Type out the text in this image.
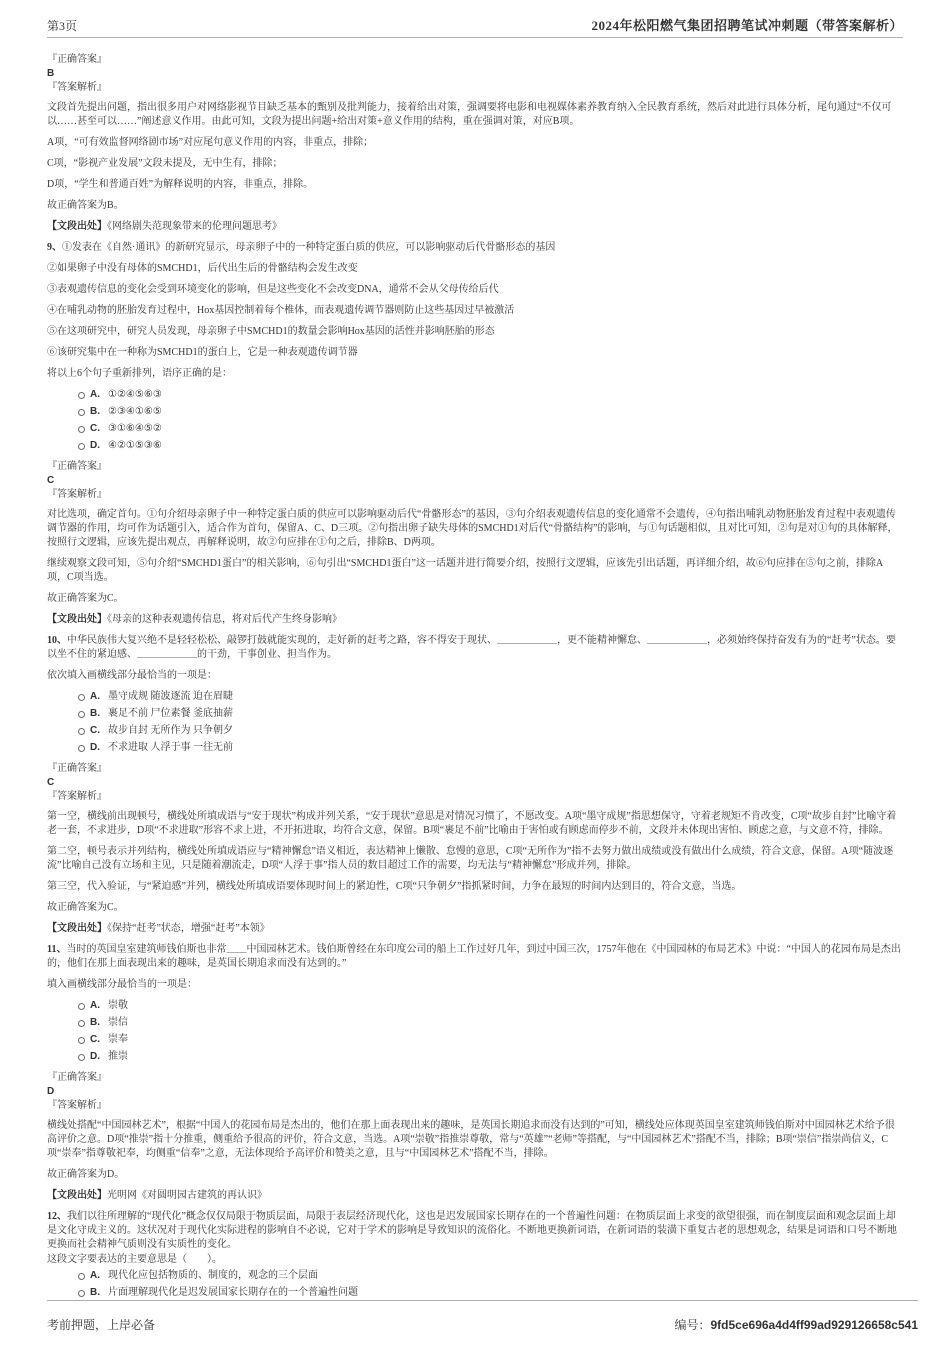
第3页	2024年松阳燃气集团招聘笔试冲刺题（带答案解析）
『正确答案』
B
『答案解析』
文段首先提出问题，指出很多用户对网络影视节目缺乏基本的甄别及批判能力，接着给出对策，强调要将电影和电视媒体素养教育纳入全民教育系统，然后对此进行具体分析，尾句通过“不仅可以……甚至可以……”阐述意义作用。由此可知，文段为提出问题+给出对策+意义作用的结构，重在强调对策，对应B项。
A项，“可有效监督网络剧市场”对应尾句意义作用的内容，非重点，排除；
C项，“影视产业发展”文段未提及，无中生有，排除；
D项，“学生和普通百姓”为解释说明的内容，非重点，排除。
故正确答案为B。
【文段出处】《网络剧失范现象带来的伦理问题思考》
9、①发表在《自然·通讯》的新研究显示，母亲卵子中的一种特定蛋白质的供应，可以影响驱动后代骨骼形态的基因
②如果卵子中没有母体的SMCHD1，后代出生后的骨骼结构会发生改变
③表观遗传信息的变化会受到环境变化的影响，但是这些变化不会改变DNA，通常不会从父母传给后代
④在哺乳动物的胚胎发育过程中，Hox基因控制着每个椎体，而表观遗传调节器则防止这些基因过早被激活
⑤在这项研究中，研究人员发现，母亲卵子中SMCHD1的数量会影响Hox基因的活性并影响胚胎的形态
⑥该研究集中在一种称为SMCHD1的蛋白上，它是一种表观遗传调节器
将以上6个句子重新排列，语序正确的是：
A. ①②④⑤⑥③
B. ②③④①⑥⑤
C. ③①⑥④⑤②
D. ④②①⑤③⑥
『正确答案』
C
『答案解析』
对比选项，确定首句。①句介绍母亲卵子中一种特定蛋白质的供应可以影响驱动后代“骨骼形态”的基因，③句介绍表观遗传信息的变化通常不会遗传，④句指出哺乳动物胚胎发育过程中表观遗传调节器的作用，均可作为话题引入，适合作为首句，保留A、C、D三项。②句指出卵子缺失母体的SMCHD1对后代“骨骼结构”的影响，与①句话题相似，且对比可知，②句是对①句的具体解释，按照行文逻辑，应该先提出观点，再解释说明，故②句应排在①句之后，排除B、D两项。
继续观察文段可知，⑤句介绍“SMCHD1蛋白”的相关影响，⑥句引出“SMCHD1蛋白”这一话题并进行简要介绍，按照行文逻辑，应该先引出话题，再详细介绍，故⑥句应排在⑤句之前，排除A项，C项当选。
故正确答案为C。
【文段出处】《母亲的这种表观遗传信息，将对后代产生终身影响》
10、中华民族伟大复兴绝不是轻轻松松、敲锣打鼓就能实现的，走好新的赶考之路，容不得安于现状、＿＿＿＿＿＿，更不能精神懈怠、＿＿＿＿＿＿，必须始终保持奋发有为的“赶考”状态。要以坐不住的紧迫感、＿＿＿＿＿＿的干劲，干事创业、担当作为。
依次填入画横线部分最恰当的一项是：
A. 墨守成规 随波逐流 迫在眉睫
B. 裹足不前 尸位素餐 釜底抽薪
C. 故步自封 无所作为 只争朝夕
D. 不求进取 人浮于事 一往无前
『正确答案』
C
『答案解析』
第一空，横线前出现顿号，横线处所填成语与“安于现状”构成并列关系，“安于现状”意思是对情况习惯了，不愿改变。A项“墨守成规”指思想保守，守着老规矩不肯改变，C项“故步自封”比喻守着老一套，不求进步，D项“不求进取”形容不求上进，不开拓进取，均符合文意，保留。B项“裹足不前”比喻由于害怕或有顾虑而停步不前，文段并未体现出害怕、顾虑之意，与文意不符，排除。
第二空，顿号表示并列结构，横线处所填成语应与“精神懈怠”语义相近，表达精神上懒散、怠慢的意思，C项“无所作为”指不去努力做出成绩或没有做出什么成绩，符合文意，保留。A项“随波逐流”比喻自己没有立场和主见，只是随着潮流走，D项“人浮于事”指人员的数目超过工作的需要，均无法与“精神懈怠”形成并列，排除。
第三空，代入验证，与“紧迫感”并列，横线处所填成语要体现时间上的紧迫性，C项“只争朝夕”指抓紧时间，力争在最短的时间内达到目的，符合文意，当选。
故正确答案为C。
【文段出处】《保持“赶考”状态，增强“赶考”本领》
11、当时的英国皇室建筑师钱伯斯也非常＿＿中国园林艺术。钱伯斯曾经在东印度公司的船上工作过好几年，到过中国三次，1757年他在《中国园林的布局艺术》中说：“中国人的花园布局是杰出的，他们在那上面表现出来的趣味，是英国长期追求而没有达到的。”
填入画横线部分最恰当的一项是：
A. 崇敬
B. 崇信
C. 崇奉
D. 推崇
『正确答案』
D
『答案解析』
横线处搭配“中国园林艺术”，根据“中国人的花园布局是杰出的，他们在那上面表现出来的趣味，是英国长期追求而没有达到的”可知，横线处应体现英国皇室建筑师钱伯斯对中国园林艺术给予很高评价之意。D项“推崇”指十分推重，侧重给予很高的评价，符合文意，当选。A项“崇敬”指推崇尊敬，常与“英雄”“老师”等搭配，与“中国园林艺术”搭配不当，排除；B项“崇信”指崇尚信义，C项“崇奉”指尊敬祀奉，均侧重“信奉”之意，无法体现给予高评价和赞美之意，且与“中国园林艺术”搭配不当，排除。
故正确答案为D。
【文段出处】光明网《对圆明园古建筑的再认识》
12、我们以往所理解的“现代化”概念仅仅局限于物质层面，局限于表层经济现代化，这也是迟发展国家长期存在的一个普遍性问题：在物质层面上求变的欲望很强，而在制度层面和观念层面上却是文化守成主义的。这状况对于现代化实际进程的影响自不必说，它对于学术的影响是导致知识的流俗化。不断地更换新词语，在新词语的装潢下重复古老的思想观念，结果是词语和口号不断地更换而社会精神气质则没有实质性的变化。
这段文字要表达的主要意思是（　　）。
A. 现代化应包括物质的、制度的，观念的三个层面
B. 片面理解现代化是迟发展国家长期存在的一个普遍性问题
考前押题，上岸必备	编号：9fd5ce696a4d4ff99ad929126658c541
